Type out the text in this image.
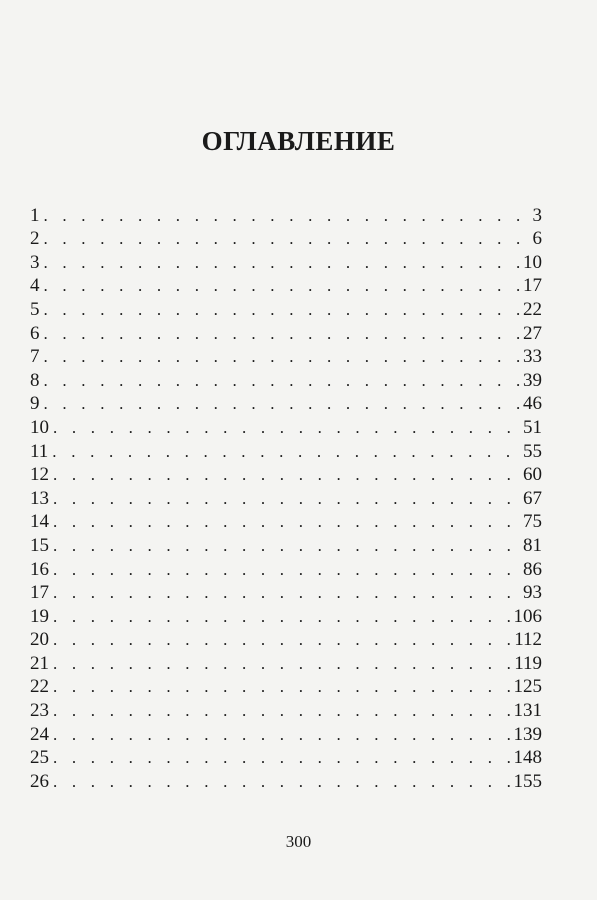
ОГЛАВЛЕНИЕ
1 . . .	3
2 . . .	6
3 . . .	10
4 . . .	17
5 . . .	22
6 . . .	27
7 . . .	33
8 . . .	39
9 . . .	46
10 . . .	51
11 . . .	55
12 . . .	60
13 . . .	67
14 . . .	75
15 . . .	81
16 . . .	86
17 . . .	93
19 . . .	106
20 . . .	112
21 . . .	119
22 . . .	125
23 . . .	131
24 . . .	139
25 . . .	148
26 . . .	155
300
